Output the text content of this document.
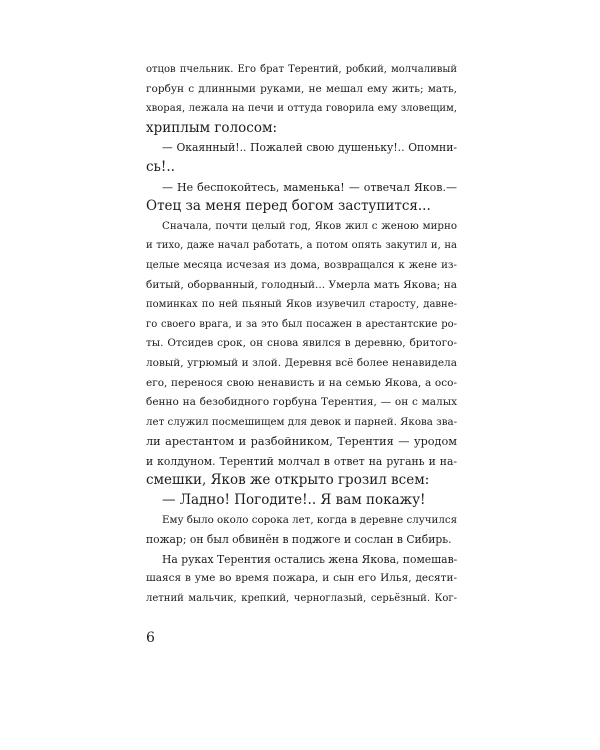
отцов пчельник. Его брат Терентий, робкий, молчаливый
горбун с длинными руками, не мешал ему жить; мать,
хворая, лежала на печи и оттуда говорила ему зловещим,
хриплым голосом:
— Окаянный!.. Пожалей свою душеньку!.. Опомни-
сь!..
— Не беспокойтесь, маменька! — отвечал Яков.—
Отец за меня перед богом заступится...
Сначала, почти целый год, Яков жил с женою мирно
и тихо, даже начал работать, а потом опять закутил и, на
целые месяца исчезая из дома, возвращался к жене из-
битый, оборванный, голодный... Умерла мать Якова; на
поминках по ней пьяный Яков изувечил старосту, давне-
го своего врага, и за это был посажен в арестантские ро-
ты. Отсидев срок, он снова явился в деревню, бритого-
ловый, угрюмый и злой. Деревня всё более ненавидела
его, перенося свою ненависть и на семью Якова, а осо-
бенно на безобидного горбуна Терентия, — он с малых
лет служил посмешищем для девок и парней. Якова зва-
ли арестантом и разбойником, Терентия — уродом
и колдуном. Терентий молчал в ответ на ругань и на-
смешки, Яков же открыто грозил всем:
— Ладно! Погодите!.. Я вам покажу!
Ему было около сорока лет, когда в деревне случился
пожар; он был обвинён в поджоге и сослан в Сибирь.
На руках Терентия остались жена Якова, помешав-
шаяся в уме во время пожара, и сын его Илья, десяти-
летний мальчик, крепкий, черноглазый, серьёзный. Ког-
6
